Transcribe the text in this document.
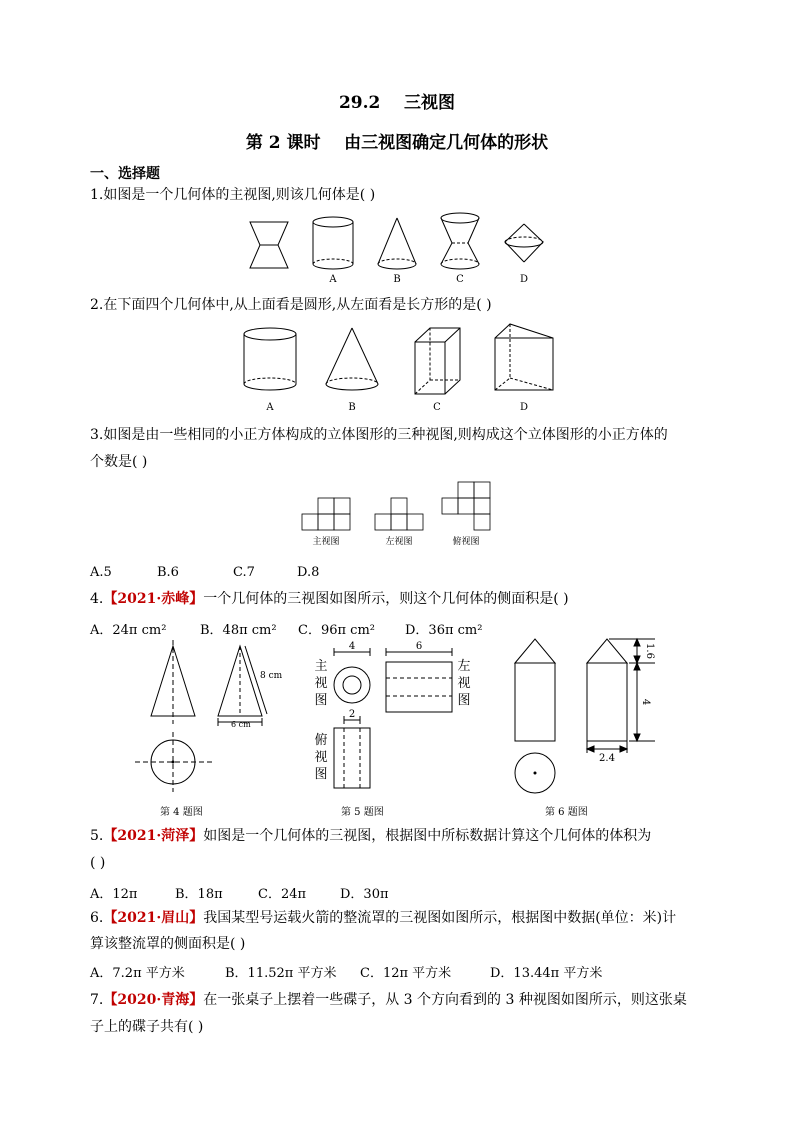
29.2    三视图
第 2 课时    由三视图确定几何体的形状
一、选择题
1.如图是一个几何体的主视图,则该几何体是( )
A	B	C	D
2.在下面四个几何体中,从上面看是圆形,从左面看是长方形的是( )
A	B	C	D
3.如图是由一些相同的小正方体构成的立体图形的三种视图,则构成这个立体图形的小正方体的
个数是( )
主视图	左视图	俯视图
A.5	B.6	C.7	D.8
4.【2021·赤峰】一个几何体的三视图如图所示，则这个几何体的侧面积是( )
A．24π cm²	B．48π cm² C．96π cm² D．36π cm²
8 cm
6 cm
主
视
图
左
视
图
俯
视
图
4	6
2
1.6
4
2.4
第 4 题图	第 5 题图	第 6 题图
5.【2021·菏泽】如图是一个几何体的三视图，根据图中所标数据计算这个几何体的体积为
( )
A．12π	B．18π	C．24π	D．30π
6.【2021·眉山】我国某型号运载火箭的整流罩的三视图如图所示，根据图中数据(单位：米)计
算该整流罩的侧面积是( )
A．7.2π 平方米	B．11.52π 平方米 C．12π 平方米	D．13.44π 平方米
7.【2020·青海】在一张桌子上摆着一些碟子，从 3 个方向看到的 3 种视图如图所示，则这张桌
子上的碟子共有( )
